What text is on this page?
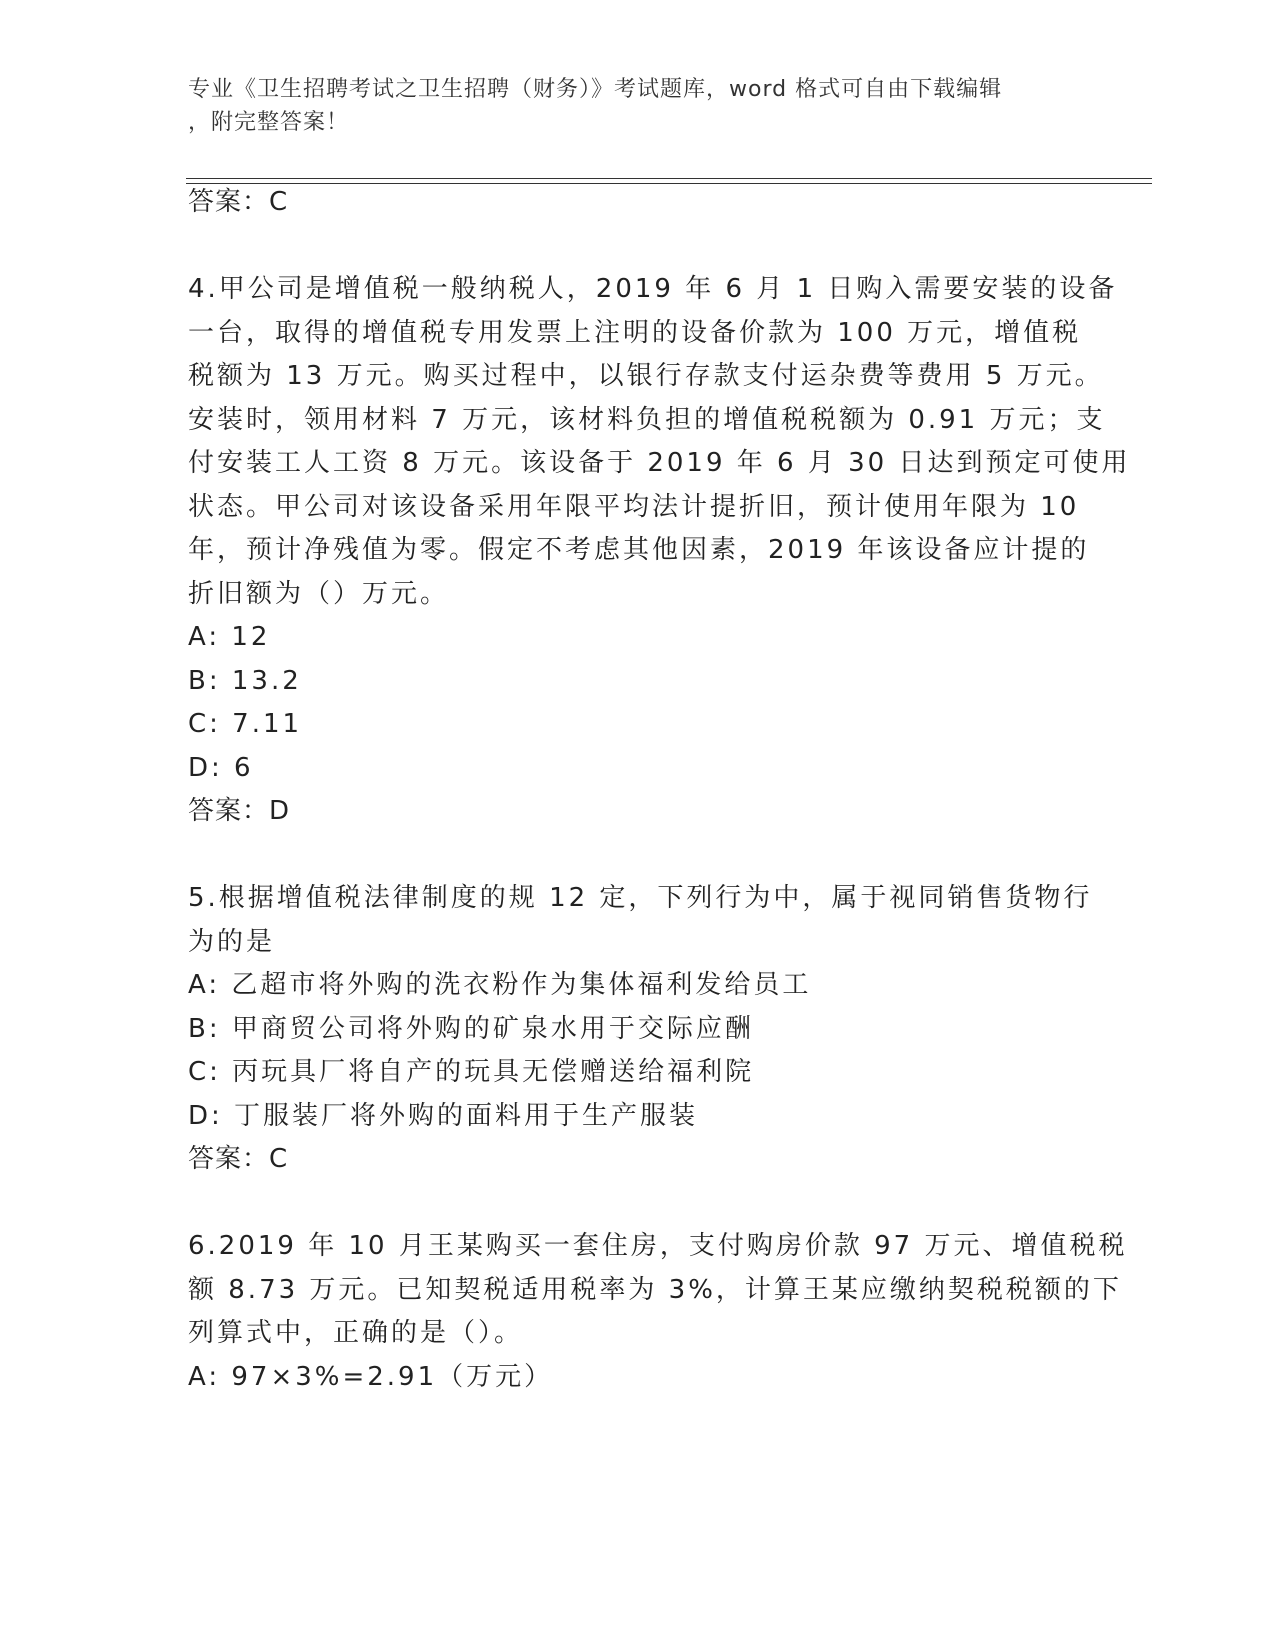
专业《卫生招聘考试之卫生招聘（财务）》考试题库，word 格式可自由下载编辑
，附完整答案！
答案：C
4.甲公司是增值税一般纳税人，2019 年 6 月 1 日购入需要安装的设备
一台，取得的增值税专用发票上注明的设备价款为 100 万元，增值税
税额为 13 万元。购买过程中，以银行存款支付运杂费等费用 5 万元。
安装时，领用材料 7 万元，该材料负担的增值税税额为 0.91 万元；支
付安装工人工资 8 万元。该设备于 2019 年 6 月 30 日达到预定可使用
状态。甲公司对该设备采用年限平均法计提折旧，预计使用年限为 10
年，预计净残值为零。假定不考虑其他因素，2019 年该设备应计提的
折旧额为（）万元。
A: 12
B: 13.2
C: 7.11
D: 6
答案：D
5.根据增值税法律制度的规 12 定，下列行为中，属于视同销售货物行
为的是
A: 乙超市将外购的洗衣粉作为集体福利发给员工
B: 甲商贸公司将外购的矿泉水用于交际应酬
C: 丙玩具厂将自产的玩具无偿赠送给福利院
D: 丁服装厂将外购的面料用于生产服装
答案：C
6.2019 年 10 月王某购买一套住房，支付购房价款 97 万元、增值税税
额 8.73 万元。已知契税适用税率为 3%，计算王某应缴纳契税税额的下
列算式中，正确的是（）。
A: 97×3%=2.91（万元）
